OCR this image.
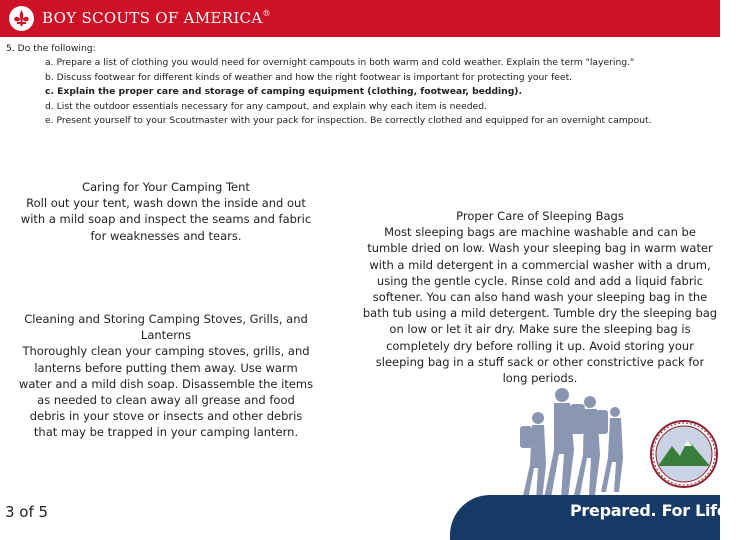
BOY SCOUTS OF AMERICA®
5. Do the following:
a. Prepare a list of clothing you would need for overnight campouts in both warm and cold weather. Explain the term "layering."
b. Discuss footwear for different kinds of weather and how the right footwear is important for protecting your feet.
c. Explain the proper care and storage of camping equipment (clothing, footwear, bedding).
d. List the outdoor essentials necessary for any campout, and explain why each item is needed.
e. Present yourself to your Scoutmaster with your pack for inspection. Be correctly clothed and equipped for an overnight campout.
Caring for Your Camping Tent
Roll out your tent, wash down the inside and out with a mild soap and inspect the seams and fabric for weaknesses and tears.
Cleaning and Storing Camping Stoves, Grills, and Lanterns
Thoroughly clean your camping stoves, grills, and lanterns before putting them away. Use warm water and a mild dish soap. Disassemble the items as needed to clean away all grease and food debris in your stove or insects and other debris that may be trapped in your camping lantern.
Proper Care of Sleeping Bags
Most sleeping bags are machine washable and can be tumble dried on low. Wash your sleeping bag in warm water with a mild detergent in a commercial washer with a drum, using the gentle cycle. Rinse cold and add a liquid fabric softener. You can also hand wash your sleeping bag in the bath tub using a mild detergent. Tumble dry the sleeping bag on low or let it air dry. Make sure the sleeping bag is completely dry before rolling it up. Avoid storing your sleeping bag in a stuff sack or other constrictive pack for long periods.
3 of 5	Prepared. For Life.™
